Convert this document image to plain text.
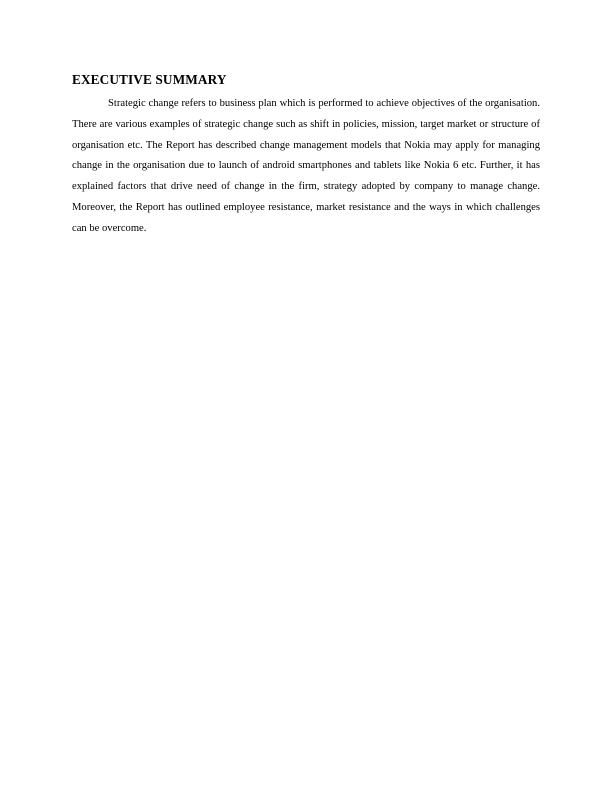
EXECUTIVE SUMMARY

Strategic change refers to business plan which is performed to achieve objectives of the organisation. There are various examples of strategic change such as shift in policies, mission, target market or structure of organisation etc. The Report has described change management models that Nokia may apply for managing change in the organisation due to launch of android smartphones and tablets like Nokia 6 etc. Further, it has explained factors that drive need of change in the firm, strategy adopted by company to manage change. Moreover, the Report has outlined employee resistance, market resistance and the ways in which challenges can be overcome.
